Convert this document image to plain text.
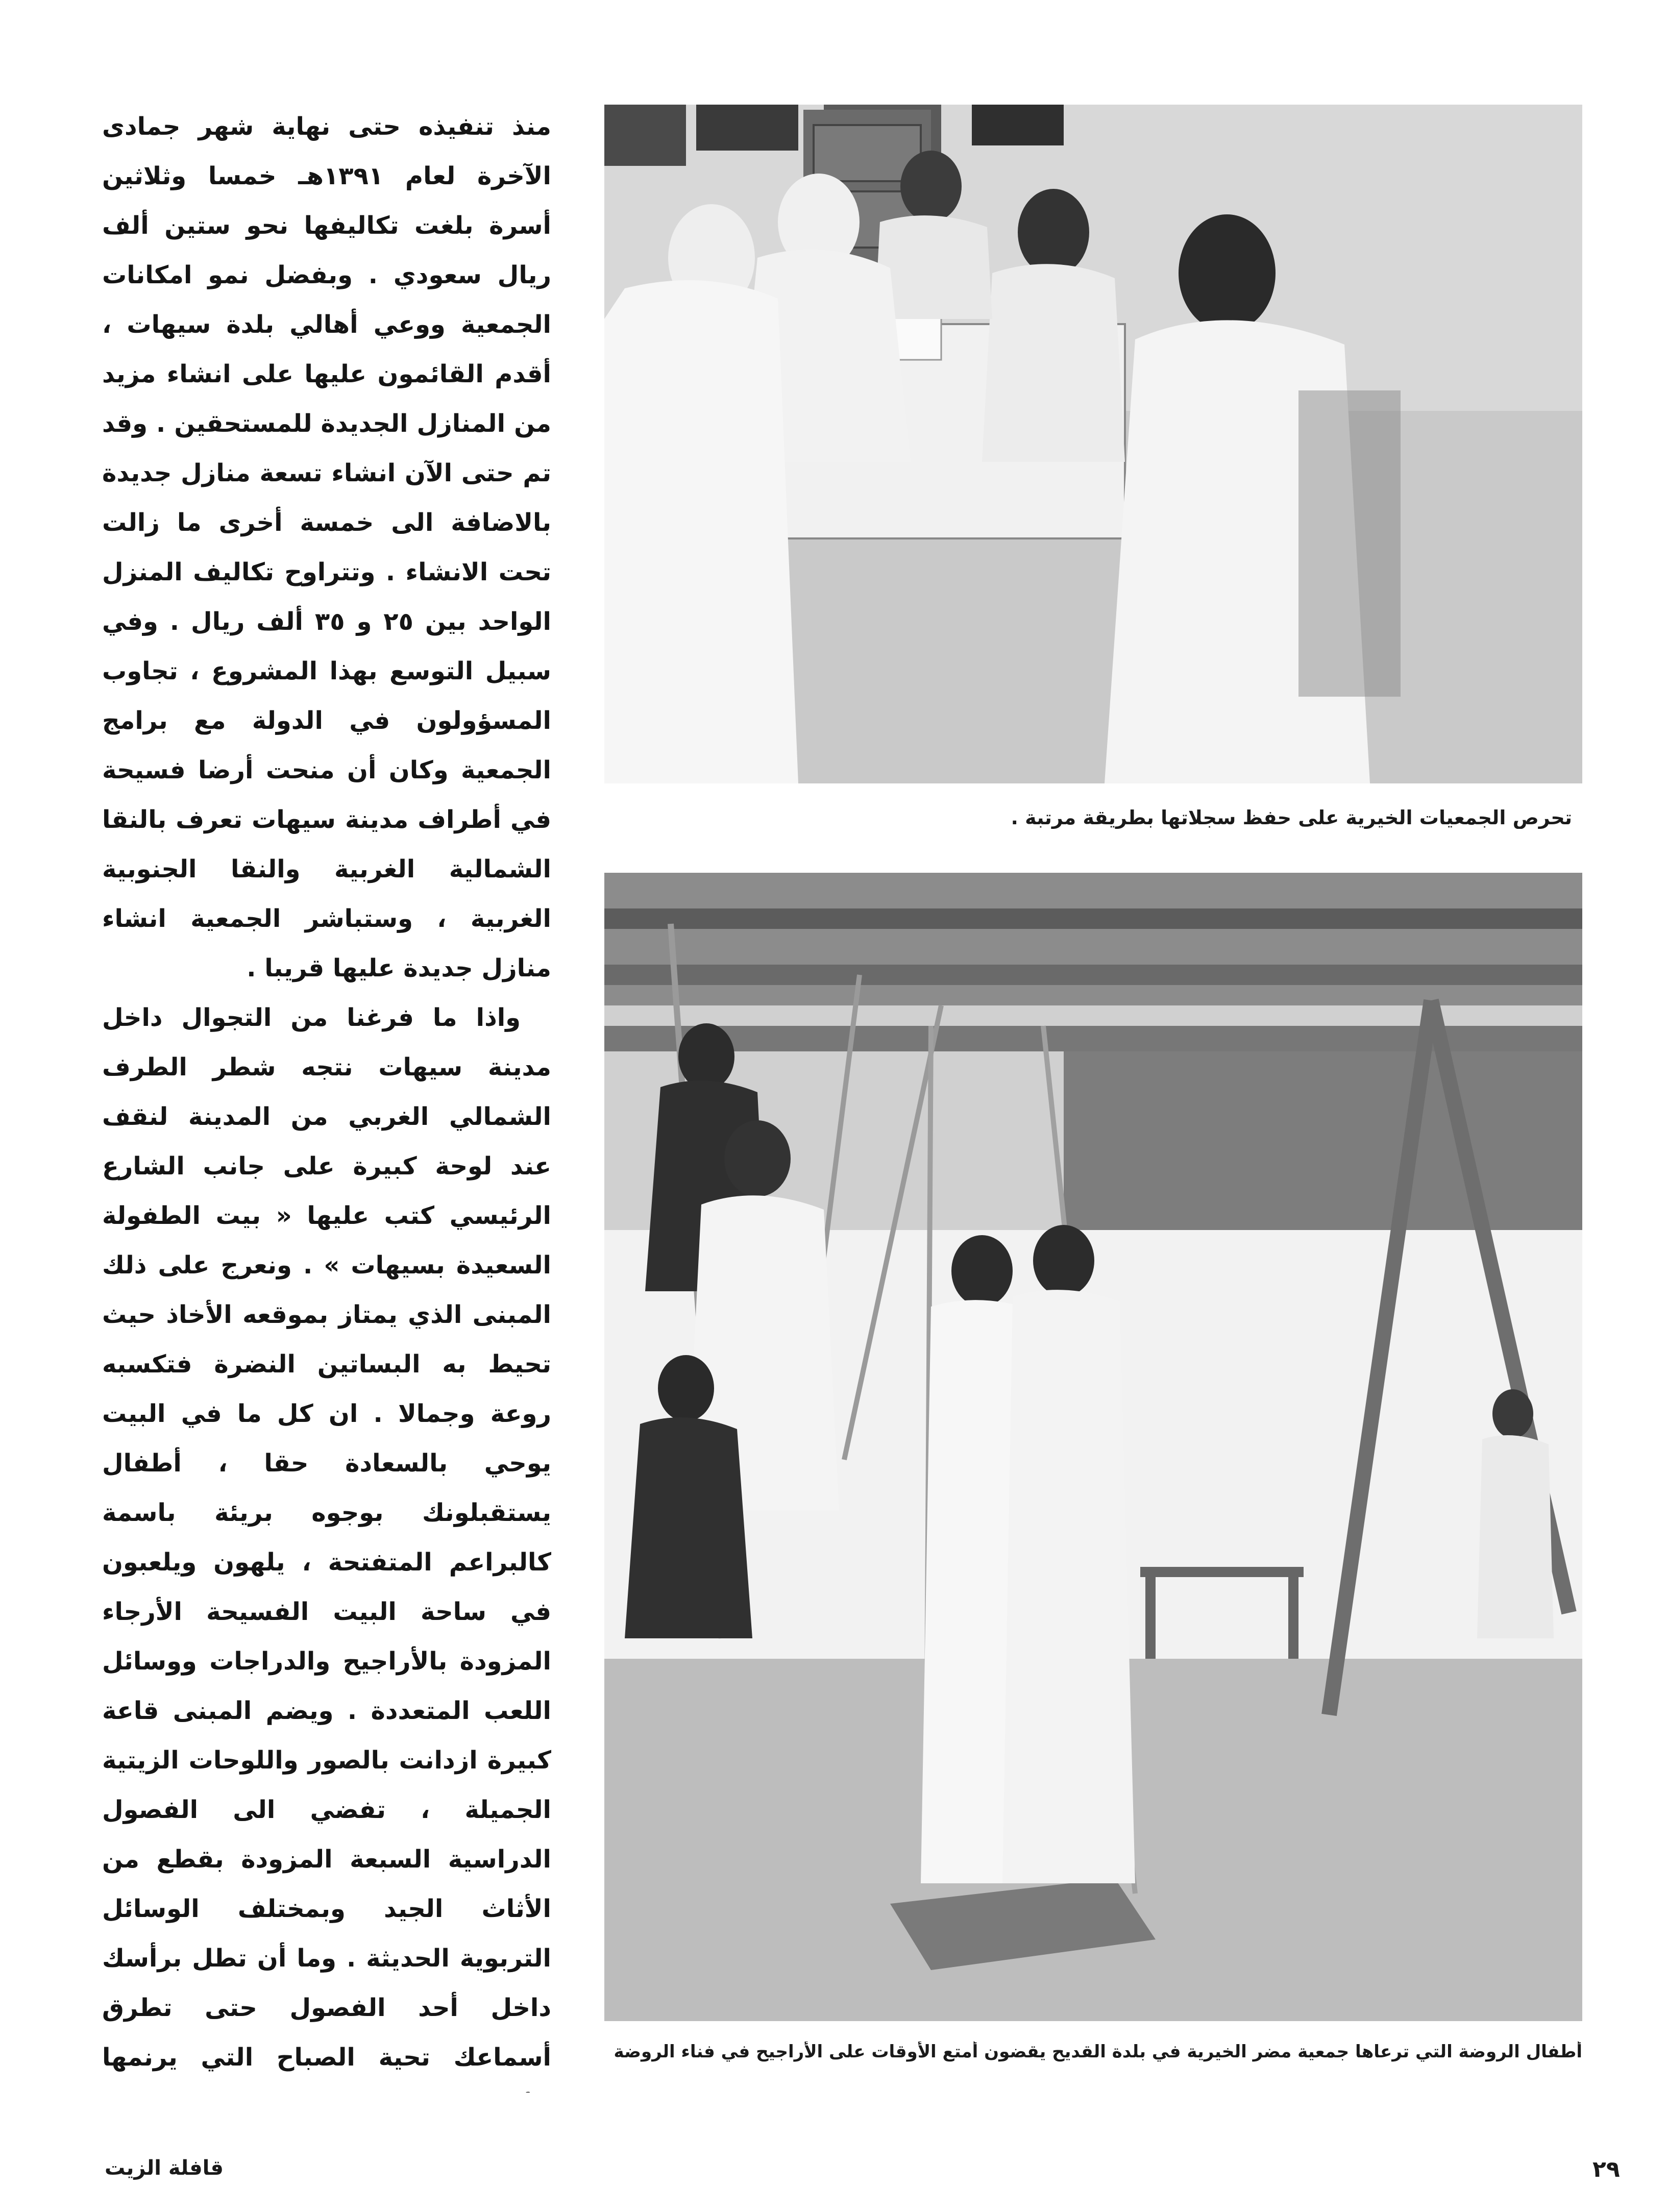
منذ تنفيذه حتى نهاية شهر جمادى الآخرة لعام ١٣٩١هـ خمسا وثلاثين أسرة بلغت تكاليفها نحو ستين ألف ريال سعودي . وبفضل نمو امكانات الجمعية ووعي أهالي بلدة سيهات ، أقدم القائمون عليها على انشاء مزيد من المنازل الجديدة للمستحقين . وقد تم حتى الآن انشاء تسعة منازل جديدة بالاضافة الى خمسة أخرى ما زالت تحت الانشاء . وتتراوح تكاليف المنزل الواحد بين ٢٥ و ٣٥ ألف ريال . وفي سبيل التوسع بهذا المشروع ، تجاوب المسؤولون في الدولة مع برامج الجمعية وكان أن منحت أرضا فسيحة في أطراف مدينة سيهات تعرف بالنقا الشمالية الغربية والنقا الجنوبية الغربية ، وستباشر الجمعية انشاء منازل جديدة عليها قريبا .

واذا ما فرغنا من التجوال داخل مدينة سيهات نتجه شطر الطرف الشمالي الغربي من المدينة لنقف عند لوحة كبيرة على جانب الشارع الرئيسي كتب عليها « بيت الطفولة السعيدة بسيهات » . ونعرج على ذلك المبنى الذي يمتاز بموقعه الأخاذ حيث تحيط به البساتين النضرة فتكسبه روعة وجمالا . ان كل ما في البيت يوحي بالسعادة حقا ، أطفال يستقبلونك بوجوه بريئة باسمة كالبراعم المتفتحة ، يلهون ويلعبون في ساحة البيت الفسيحة الأرجاء المزودة بالأراجيح والدراجات ووسائل اللعب المتعددة . ويضم المبنى قاعة كبيرة ازدانت بالصور واللوحات الزيتية الجميلة ، تفضي الى الفصول الدراسية السبعة المزودة بقطع من الأثاث الجيد وبمختلف الوسائل التربوية الحديثة . وما أن تطل برأسك داخل أحد الفصول حتى تطرق أسماعك تحية الصباح التي يرنمها

تحرص الجمعيات الخيرية على حفظ سجلاتها بطريقة مرتبة .
أطفال الروضة التي ترعاها جمعية مضر الخيرية في بلدة القديح يقضون أمتع الأوقات على الأراجيح في فناء الروضة
٢٩
قافلة الزيت
